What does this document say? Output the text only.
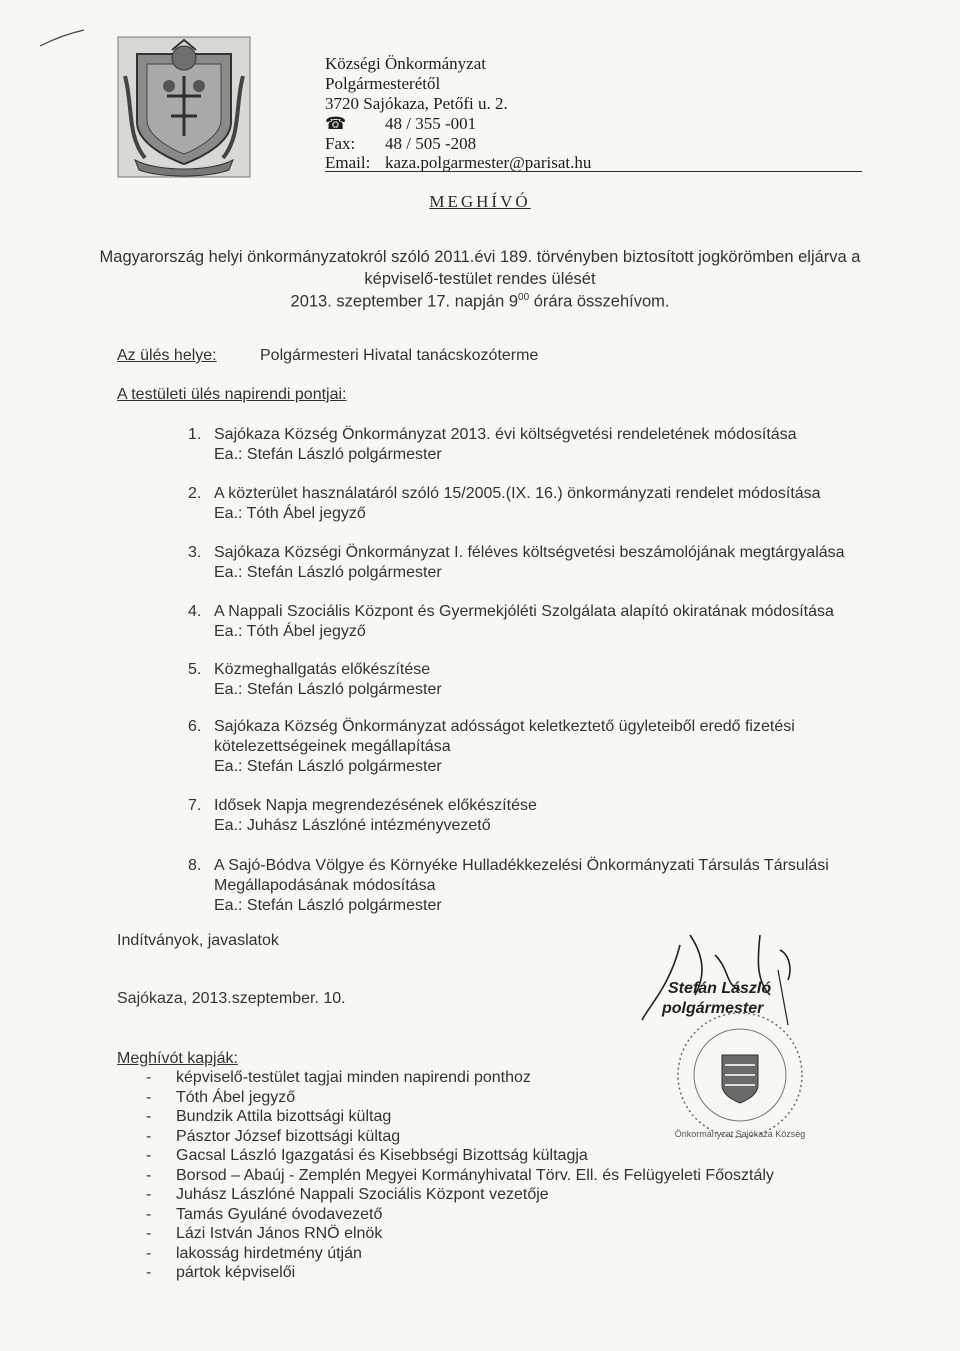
Községi Önkormányzat
Polgármesterétől
3720 Sajókaza, Petőfi u. 2.
☎ 48 / 355 -001
Fax: 48 / 505 -208
Email: kaza.polgarmester@parisat.hu
MEGHÍVÓ
Magyarország helyi önkormányzatokról szóló 2011.évi 189. törvényben biztosított jogkörömben eljárva a
képviselő-testület rendes ülését
2013. szeptember 17. napján $9^{00}$ órára összehívom.
Az ülés helye:	Polgármesteri Hivatal tanácskozóterme
A testületi ülés napirendi pontjai:
1. Sajókaza Község Önkormányzat 2013. évi költségvetési rendeletének módosítása
Ea.: Stefán László polgármester
2. A közterület használatáról szóló 15/2005.(IX. 16.) önkormányzati rendelet módosítása
Ea.: Tóth Ábel jegyző
3. Sajókaza Községi Önkormányzat I. féléves költségvetési beszámolójának megtárgyalása
Ea.: Stefán László polgármester
4. A Nappali Szociális Központ és Gyermekjóléti Szolgálata alapító okiratának módosítása
Ea.: Tóth Ábel jegyző
5. Közmeghallgatás előkészítése
Ea.: Stefán László polgármester
6. Sajókaza Község Önkormányzat adósságot keletkeztető ügyleteiből eredő fizetési
kötelezettségeinek megállapítása
Ea.: Stefán László polgármester
7. Idősek Napja megrendezésének előkészítése
Ea.: Juhász Lászlóné intézményvezető
8. A Sajó-Bódva Völgye és Környéke Hulladékkezelési Önkormányzati Társulás Társulási
Megállapodásának módosítása
Ea.: Stefán László polgármester
Indítványok, javaslatok
Sajókaza, 2013.szeptember. 10.
Stefán László
polgármester
Önkormányzat Sajókaza Község
Meghívót kapják:
- képviselő-testület tagjai minden napirendi ponthoz
- Tóth Ábel jegyző
- Bundzik Attila bizottsági kültag
- Pásztor József bizottsági kültag
- Gacsal László Igazgatási és Kisebbségi Bizottság kültagja
- Borsod – Abaúj - Zemplén Megyei Kormányhivatal Törv. Ell. és Felügyeleti Főosztály
- Juhász Lászlóné Nappali Szociális Központ vezetője
- Tamás Gyuláné óvodavezető
- Lázi István János RNÖ elnök
- lakosság hirdetmény útján
- pártok képviselői
